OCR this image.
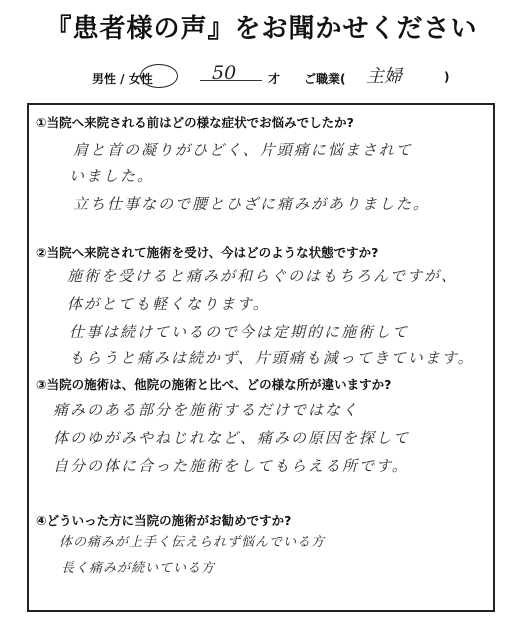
『患者様の声』をお聞かせください
男性 / 女性	50	才 ご職業( 主婦	)
①当院へ来院される前はどの様な症状でお悩みでしたか?
肩と首の凝りがひどく、片頭痛に悩まされて
いました。
立ち仕事なので腰とひざに痛みがありました。
②当院へ来院されて施術を受け、今はどのような状態ですか?
施術を受けると痛みが和らぐのはもちろんですが、
体がとても軽くなります。
仕事は続けているので今は定期的に施術して
もらうと痛みは続かず、片頭痛も減ってきています。
③当院の施術は、他院の施術と比べ、どの様な所が違いますか?
痛みのある部分を施術するだけではなく
体のゆがみやねじれなど、痛みの原因を探して
自分の体に合った施術をしてもらえる所です。
④どういった方に当院の施術がお勧めですか?
体の痛みが上手く伝えられず悩んでいる方
長く痛みが続いている方
